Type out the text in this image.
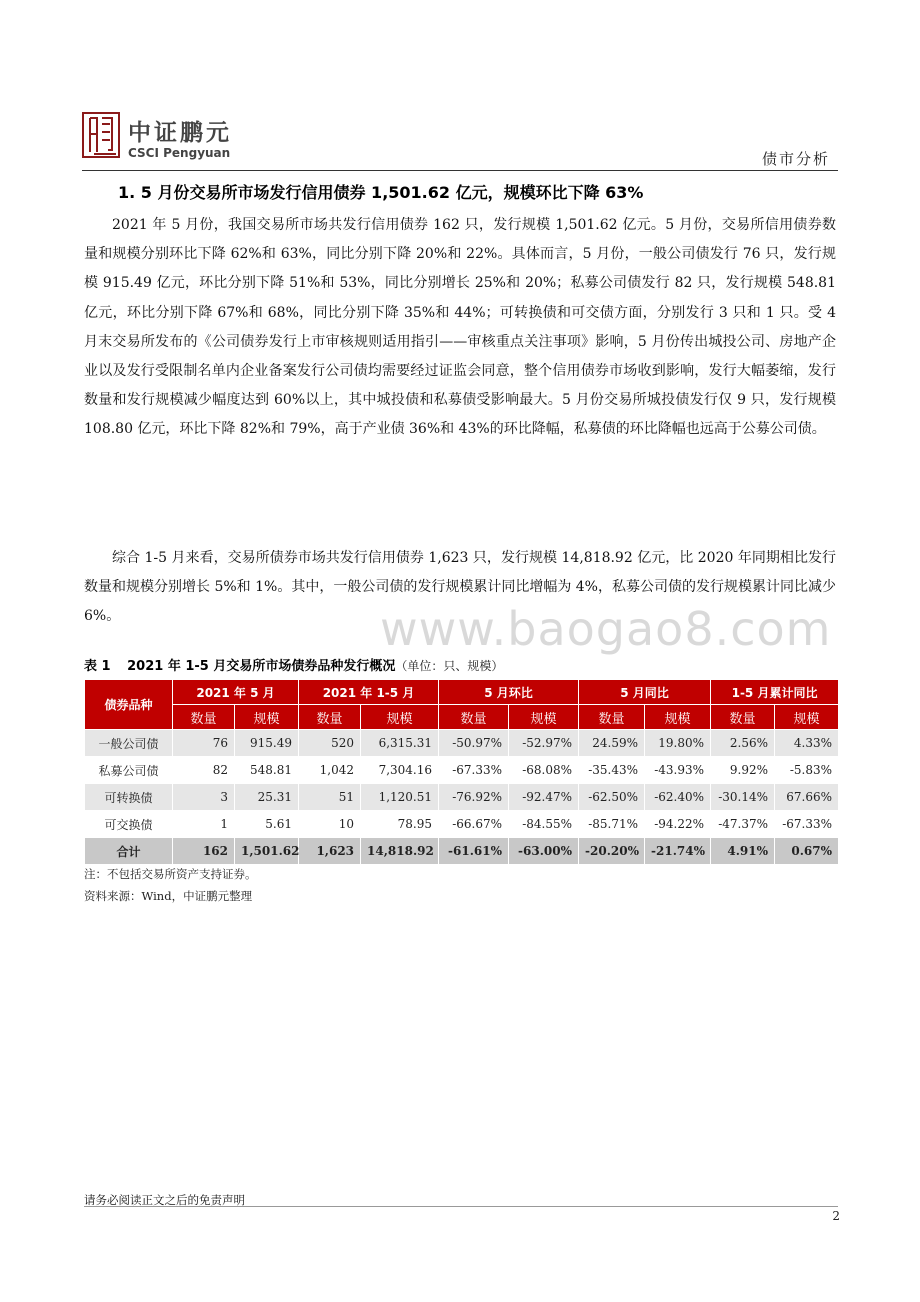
中证鹏元
CSCI Pengyuan	债市分析
1. 5 月份交易所市场发行信用债券 1,501.62 亿元，规模环比下降 63%
2021 年 5 月份，我国交易所市场共发行信用债券 162 只，发行规模 1,501.62 亿元。5 月份，交易所信用债券数量和规模分别环比下降 62%和 63%，同比分别下降 20%和 22%。具体而言，5 月份，一般公司债发行 76 只，发行规模 915.49 亿元，环比分别下降 51%和 53%，同比分别增长 25%和 20%；私募公司债发行 82 只，发行规模 548.81 亿元，环比分别下降 67%和 68%，同比分别下降 35%和 44%；可转换债和可交债方面，分别发行 3 只和 1 只。受 4 月末交易所发布的《公司债券发行上市审核规则适用指引——审核重点关注事项》影响，5 月份传出城投公司、房地产企业以及发行受限制名单内企业备案发行公司债均需要经过证监会同意，整个信用债券市场收到影响，发行大幅萎缩，发行数量和发行规模减少幅度达到 60%以上，其中城投债和私募债受影响最大。5 月份交易所城投债发行仅 9 只，发行规模 108.80 亿元，环比下降 82%和 79%，高于产业债 36%和 43%的环比降幅，私募债的环比降幅也远高于公募公司债。
综合 1-5 月来看，交易所债券市场共发行信用债券 1,623 只，发行规模 14,818.92 亿元，比 2020 年同期相比发行数量和规模分别增长 5%和 1%。其中，一般公司债的发行规模累计同比增幅为 4%，私募公司债的发行规模累计同比减少 6%。	www.baogao8.com
表 1 2021 年 1-5 月交易所市场债券品种发行概况（单位：只、规模）
债券品种	2021 年 5 月		2021 年 1-5 月		5 月环比		5 月同比		1-5 月累计同比	
	数量	规模	数量	规模	数量	规模	数量	规模	数量	规模
一般公司债	76	915.49	520	6,315.31	-50.97%	-52.97%	24.59%	19.80%	2.56%	4.33%
私募公司债	82	548.81	1,042	7,304.16	-67.33%	-68.08%	-35.43%	-43.93%	9.92%	-5.83%
可转换债	3	25.31	51	1,120.51	-76.92%	-92.47%	-62.50%	-62.40%	-30.14%	67.66%
可交换债	1	5.61	10	78.95	-66.67%	-84.55%	-85.71%	-94.22%	-47.37%	-67.33%
合计	162	1,501.62	1,623	14,818.92	-61.61%	-63.00%	-20.20%	-21.74%	4.91%	0.67%
注：不包括交易所资产支持证券。
资料来源：Wind，中证鹏元整理
请务必阅读正文之后的免责声明
2
